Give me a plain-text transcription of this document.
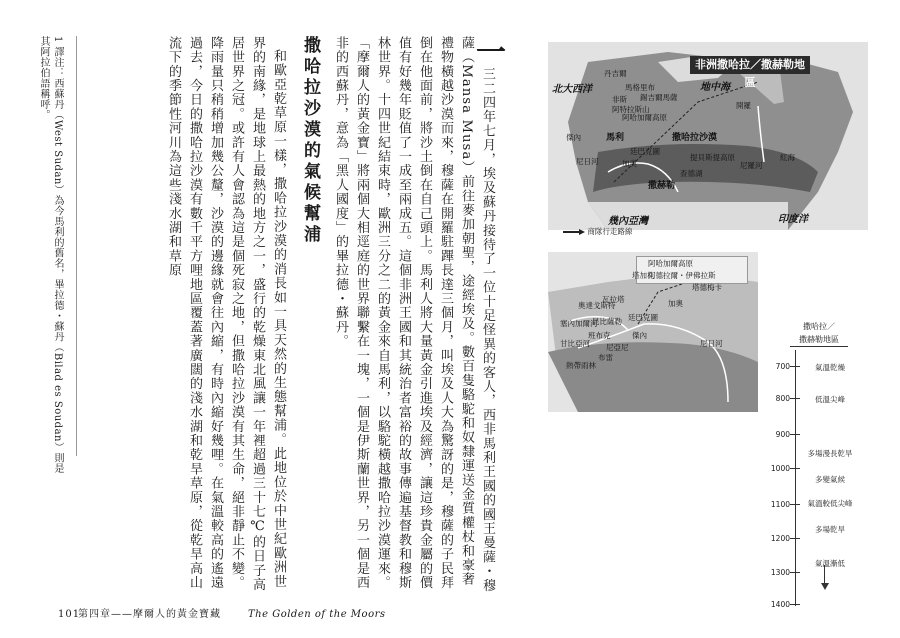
一三二四年七月，埃及蘇丹接待了一位十足怪異的客人，西非馬利王國的國王曼薩・穆薩（Mansa Musa）前往麥加朝聖，途經埃及。數百隻駱駝和奴隸運送金質權杖和豪奢禮物橫越沙漠而來，穆薩在開羅駐蹕長達三個月，叫埃及人大為驚訝的是，穆薩的子民拜倒在他面前，將沙土倒在自己頭上。馬利人將大量黃金引進埃及經濟，讓這珍貴金屬的價值有好幾年貶值了一成至兩成五。這個非洲王國和其統治者富裕的故事傳遍基督教和穆斯林世界。十四世紀結束時，歐洲三分之二的黃金來自馬利，以駱駝橫越撒哈拉沙漠運來。「摩爾人的黃金寶」將兩個大相逕庭的世界聯繫在一塊，一個是伊斯蘭世界，另一個是西非的西蘇丹，意為「黑人國度」的畢拉德・蘇丹。

撒哈拉沙漠的氣候幫浦

和歐亞乾草原一樣，撒哈拉沙漠的消長如一具天然的生態幫浦。此地位於中世紀歐洲世界的南緣，是地球上最熱的地方之一，盛行的乾燥東北風讓一年裡超過三十七℃的日子高居世界之冠。或許有人會認為這是個死寂之地，但撒哈拉沙漠有其生命，絕非靜止不變。降雨量只稍稍增加幾公釐，沙漠的邊緣就會往內縮，有時內縮好幾哩。在氣溫較高的遙遠過去，今日的撒哈拉沙漠有數千平方哩地區覆蓋著廣闊的淺水湖和乾旱草原，從乾旱高山流下的季節性河川為這些淺水湖和草原

1 譯注：西蘇丹（West Sudan）為今馬利的舊名，畢拉德・蘇丹（Bilad es Soudan）則是其阿拉伯語稱呼。
101
第四章——摩爾人的黃金寶藏	The Golden of the Moors
非洲撒哈拉／撒赫勒地區
北大西洋	地中海
撒哈拉沙漠
馬利
提貝斯提高原
撒赫勒
幾內亞灣	印度洋
紅海
馬格里布
阿特拉斯山
丹吉爾
非斯 錫吉爾馬薩
阿哈加爾高原
開羅
尼羅河
尼日河
廷巴克圖
加奧
查德湖
傑內
商隊行走路線
阿哈加爾高原
阿德拉爾・伊佛拉斯
塔加札
瓦拉塔
奧達戈斯特
昆比薩勒
尼亞尼
廷巴克圖
加奧
塞內加爾河
甘比亞河
班布克
布雷
尼日河
塔德梅卡
傑內
熱帶雨林
撒哈拉／
撒赫勒地區
700
800
900
1000
1100
1200
1300
1400
氣溫乾燥
低溫尖峰
多場漫長乾旱
多變氣候
氣溫較低尖峰
多場乾旱
氣溫漸低
